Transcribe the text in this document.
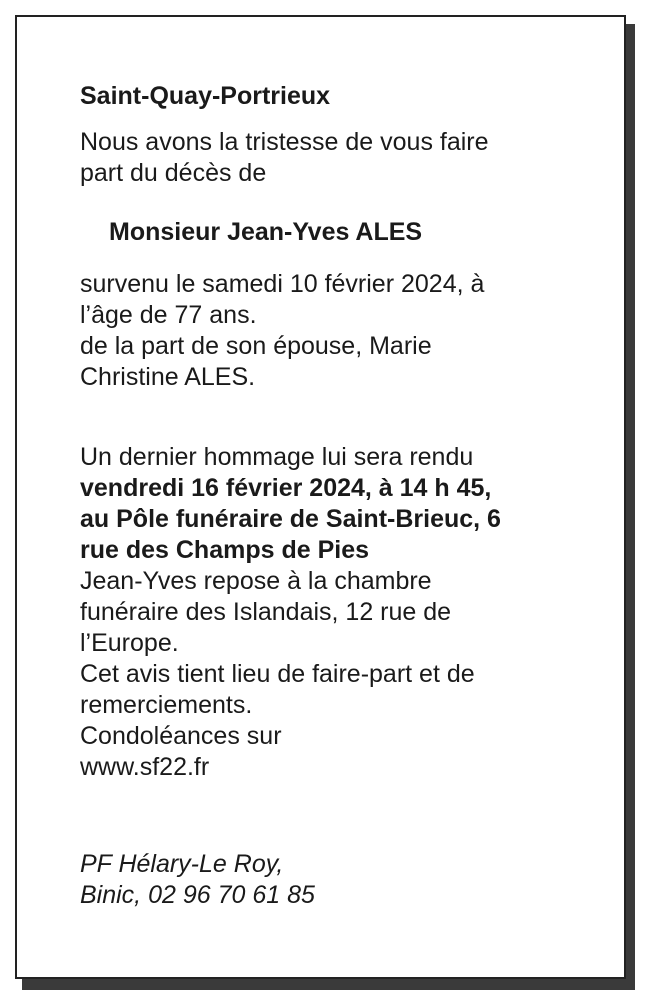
Saint-Quay-Portrieux

Nous avons la tristesse de vous faire
part du décès de

Monsieur Jean-Yves ALES

survenu le samedi 10 février 2024, à
l’âge de 77 ans.
de la part de son épouse, Marie
Christine ALES.

Un dernier hommage lui sera rendu
vendredi 16 février 2024, à 14 h 45,
au Pôle funéraire de Saint-Brieuc, 6
rue des Champs de Pies
Jean-Yves repose à la chambre
funéraire des Islandais, 12 rue de
l’Europe.
Cet avis tient lieu de faire-part et de
remerciements.
Condoléances sur
www.sf22.fr

PF Hélary-Le Roy,
Binic, 02 96 70 61 85
